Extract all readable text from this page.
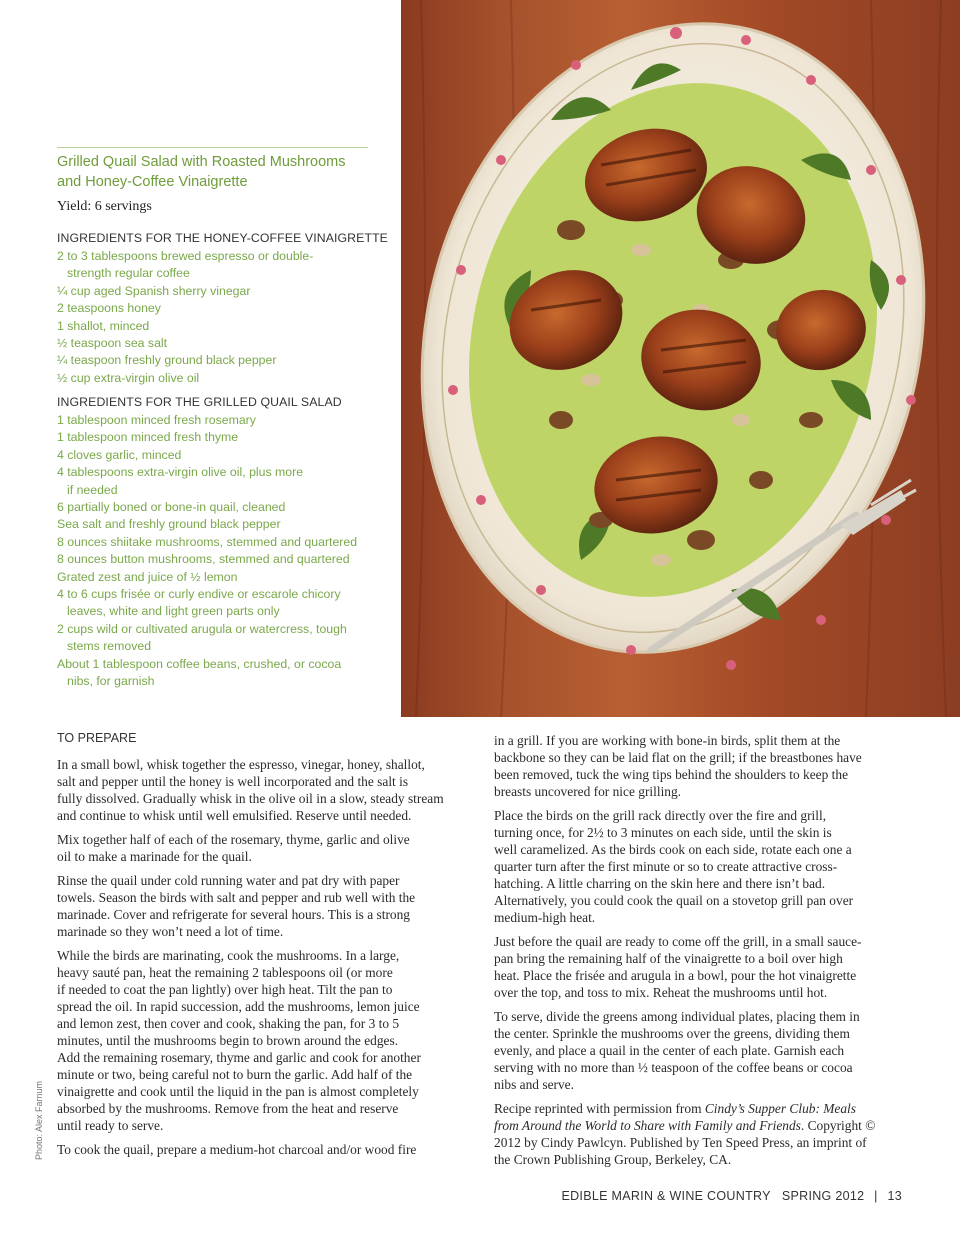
Grilled Quail Salad with Roasted Mushrooms
and Honey-Coffee Vinaigrette
Yield: 6 servings
INGREDIENTS FOR THE HONEY-COFFEE VINAIGRETTE
2 to 3 tablespoons brewed espresso or double-
strength regular coffee
¼ cup aged Spanish sherry vinegar
2 teaspoons honey
1 shallot, minced
½ teaspoon sea salt
¼ teaspoon freshly ground black pepper
½ cup extra-virgin olive oil
INGREDIENTS FOR THE GRILLED QUAIL SALAD
1 tablespoon minced fresh rosemary
1 tablespoon minced fresh thyme
4 cloves garlic, minced
4 tablespoons extra-virgin olive oil, plus more
if needed
6 partially boned or bone-in quail, cleaned
Sea salt and freshly ground black pepper
8 ounces shiitake mushrooms, stemmed and quartered
8 ounces button mushrooms, stemmed and quartered
Grated zest and juice of ½ lemon
4 to 6 cups frisée or curly endive or escarole chicory
leaves, white and light green parts only
2 cups wild or cultivated arugula or watercress, tough
stems removed
About 1 tablespoon coffee beans, crushed, or cocoa
nibs, for garnish
TO PREPARE

In a small bowl, whisk together the espresso, vinegar, honey, shallot,
salt and pepper until the honey is well incorporated and the salt is
fully dissolved. Gradually whisk in the olive oil in a slow, steady stream
and continue to whisk until well emulsified. Reserve until needed.

Mix together half of each of the rosemary, thyme, garlic and olive
oil to make a marinade for the quail.

Rinse the quail under cold running water and pat dry with paper
towels. Season the birds with salt and pepper and rub well with the
marinade. Cover and refrigerate for several hours. This is a strong
marinade so they won’t need a lot of time.

While the birds are marinating, cook the mushrooms. In a large,
heavy sauté pan, heat the remaining 2 tablespoons oil (or more
if needed to coat the pan lightly) over high heat. Tilt the pan to
spread the oil. In rapid succession, add the mushrooms, lemon juice
and lemon zest, then cover and cook, shaking the pan, for 3 to 5
minutes, until the mushrooms begin to brown around the edges.
Add the remaining rosemary, thyme and garlic and cook for another
minute or two, being careful not to burn the garlic. Add half of the
vinaigrette and cook until the liquid in the pan is almost completely
absorbed by the mushrooms. Remove from the heat and reserve
until ready to serve.

To cook the quail, prepare a medium-hot charcoal and/or wood fire

in a grill. If you are working with bone-in birds, split them at the
backbone so they can be laid flat on the grill; if the breastbones have
been removed, tuck the wing tips behind the shoulders to keep the
breasts uncovered for nice grilling.

Place the birds on the grill rack directly over the fire and grill,
turning once, for 2½ to 3 minutes on each side, until the skin is
well caramelized. As the birds cook on each side, rotate each one a
quarter turn after the first minute or so to create attractive cross-
hatching. A little charring on the skin here and there isn’t bad.
Alternatively, you could cook the quail on a stovetop grill pan over
medium-high heat.

Just before the quail are ready to come off the grill, in a small sauce-
pan bring the remaining half of the vinaigrette to a boil over high
heat. Place the frisée and arugula in a bowl, pour the hot vinaigrette
over the top, and toss to mix. Reheat the mushrooms until hot.

To serve, divide the greens among individual plates, placing them in
the center. Sprinkle the mushrooms over the greens, dividing them
evenly, and place a quail in the center of each plate. Garnish each
serving with no more than ½ teaspoon of the coffee beans or cocoa
nibs and serve.

Recipe reprinted with permission from Cindy’s Supper Club: Meals
from Around the World to Share with Family and Friends. Copyright ©
2012 by Cindy Pawlcyn. Published by Ten Speed Press, an imprint of
the Crown Publishing Group, Berkeley, CA.

Photo: Alex Farnum
EDIBLE MARIN & WINE COUNTRY SPRING 2012 | 13
